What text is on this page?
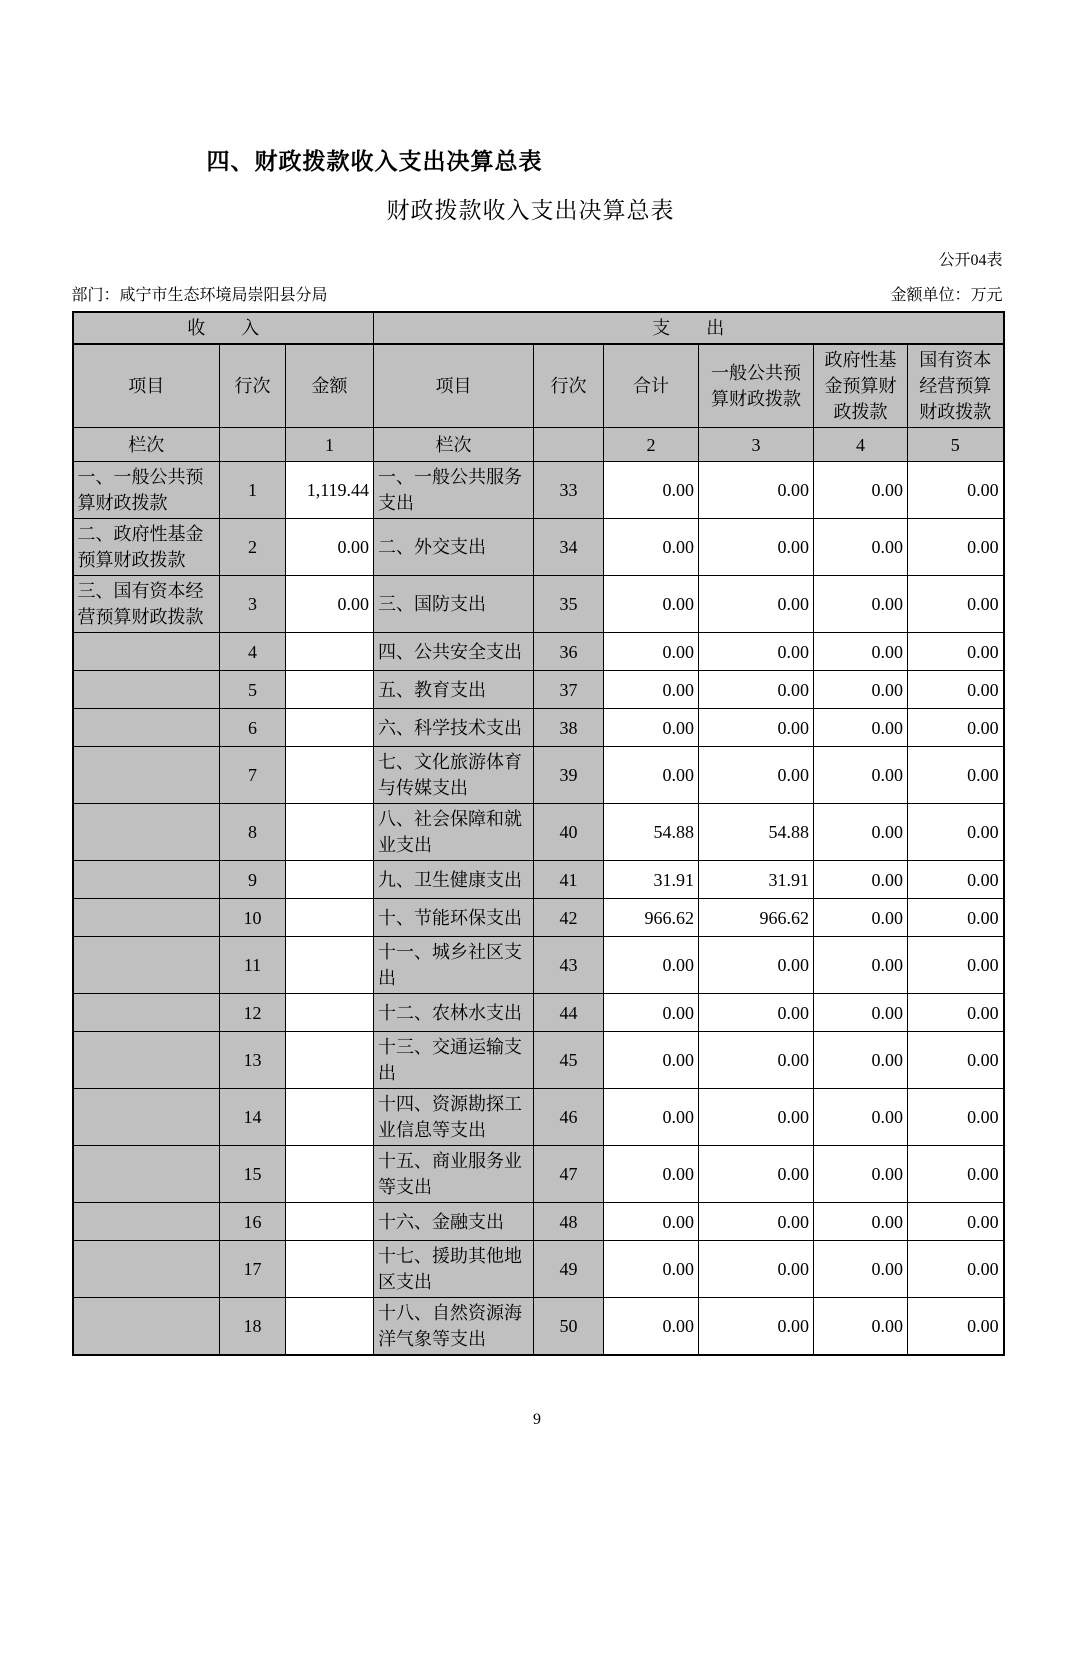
四、财政拨款收入支出决算总表
财政拨款收入支出决算总表
公开04表
部门：咸宁市生态环境局崇阳县分局	金额单位：万元
收　　入			支　　出					
项目	行次	金额	项目	行次	合计	一般公共预算财政拨款	政府性基金预算财政拨款	国有资本经营预算财政拨款
栏次		1	栏次		2	3	4	5
一、一般公共预算财政拨款	1	1,119.44	一、一般公共服务支出	33	0.00	0.00	0.00	0.00
二、政府性基金预算财政拨款	2	0.00	二、外交支出	34	0.00	0.00	0.00	0.00
三、国有资本经营预算财政拨款	3	0.00	三、国防支出	35	0.00	0.00	0.00	0.00
	4		四、公共安全支出	36	0.00	0.00	0.00	0.00
	5		五、教育支出	37	0.00	0.00	0.00	0.00
	6		六、科学技术支出	38	0.00	0.00	0.00	0.00
	7		七、文化旅游体育与传媒支出	39	0.00	0.00	0.00	0.00
	8		八、社会保障和就业支出	40	54.88	54.88	0.00	0.00
	9		九、卫生健康支出	41	31.91	31.91	0.00	0.00
	10		十、节能环保支出	42	966.62	966.62	0.00	0.00
	11		十一、城乡社区支出	43	0.00	0.00	0.00	0.00
	12		十二、农林水支出	44	0.00	0.00	0.00	0.00
	13		十三、交通运输支出	45	0.00	0.00	0.00	0.00
	14		十四、资源勘探工业信息等支出	46	0.00	0.00	0.00	0.00
	15		十五、商业服务业等支出	47	0.00	0.00	0.00	0.00
	16		十六、金融支出	48	0.00	0.00	0.00	0.00
	17		十七、援助其他地区支出	49	0.00	0.00	0.00	0.00
	18		十八、自然资源海洋气象等支出	50	0.00	0.00	0.00	0.00
9
